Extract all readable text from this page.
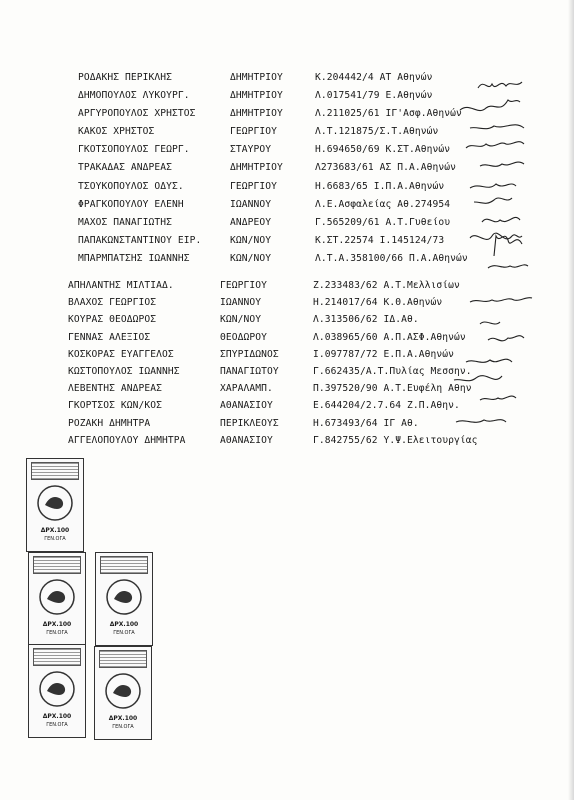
ΡΟΔΑΚΗΣ ΠΕΡΙΚΛΗΣ	ΔΗΜΗΤΡΙΟΥ	Κ.204442/4 ΑΤ Αθηνών
ΔΗΜΟΠΟΥΛΟΣ ΛΥΚΟΥΡΓ.	ΔΗΜΗΤΡΙΟΥ	Λ.017541/79 Ε.Αθηνών
ΑΡΓΥΡΟΠΟΥΛΟΣ ΧΡΗΣΤΟΣ	ΔΗΜΗΤΡΙΟΥ	Λ.211025/61 ΙΓ'Ασφ.Αθηνών
ΚΑΚΟΣ ΧΡΗΣΤΟΣ	ΓΕΩΡΓΙΟΥ	Λ.Τ.121875/Σ.Τ.Αθηνών
ΓΚΟΤΣΟΠΟΥΛΟΣ ΓΕΩΡΓ.	ΣΤΑΥΡΟΥ	Η.694650/69 Κ.ΣΤ.Αθηνών
ΤΡΑΚΑΔΑΣ ΑΝΔΡΕΑΣ	ΔΗΜΗΤΡΙΟΥ	Λ273683/61 ΑΣ Π.Α.Αθηνών
ΤΣΟΥΚΟΠΟΥΛΟΣ ΟΔΥΣ.	ΓΕΩΡΓΙΟΥ	Η.6683/65 Ι.Π.Α.Αθηνών
ΦΡΑΓΚΟΠΟΥΛΟΥ ΕΛΕΝΗ	ΙΩΑΝΝΟΥ	Λ.Ε.Ασφαλείας Αθ.274954
ΜΑΧΟΣ ΠΑΝΑΓΙΩΤΗΣ	ΑΝΔΡΕΟΥ	Γ.565209/61 Α.Τ.Γυθείου
ΠΑΠΑΚΩΝΣΤΑΝΤΙΝΟΥ ΕΙΡ.	ΚΩΝ/ΝΟΥ	Κ.ΣΤ.22574 Ι.145124/73
ΜΠΑΡΜΠΑΤΣΗΣ ΙΩΑΝΝΗΣ	ΚΩΝ/ΝΟΥ	Λ.Τ.Α.358100/66 Π.Α.Αθηνών
ΑΠΗΛΑΝΤΗΣ ΜΙΛΤΙΑΔ.	ΓΕΩΡΓΙΟΥ	Ζ.233483/62 Α.Τ.Μελλισίων
ΒΛΑΧΟΣ ΓΕΩΡΓΙΟΣ	ΙΩΑΝΝΟΥ	Η.214017/64 Κ.Θ.Αθηνών
ΚΟΥΡΑΣ ΘΕΟΔΩΡΟΣ	ΚΩΝ/ΝΟΥ	Λ.313506/62 ΙΔ.Αθ.
ΓΕΝΝΑΣ ΑΛΕΞΙΟΣ	ΘΕΟΔΩΡΟΥ	Λ.038965/60 Α.Π.ΑΣΦ.Αθηνών
ΚΟΣΚΟΡΑΣ ΕΥΑΓΓΕΛΟΣ	ΣΠΥΡΙΔΩΝΟΣ	Ι.097787/72 Ε.Π.Α.Αθηνών
ΚΩΣΤΟΠΟΥΛΟΣ ΙΩΑΝΝΗΣ	ΠΑΝΑΓΙΩΤΟΥ	Γ.662435/Α.Τ.Πυλίας Μεσσην.
ΛΕΒΕΝΤΗΣ ΑΝΔΡΕΑΣ	ΧΑΡΑΛΑΜΠ.	Π.397520/90 Α.Τ.Ευφέλη Αθην
ΓΚΟΡΤΣΟΣ ΚΩΝ/ΚΟΣ	ΑΘΑΝΑΣΙΟΥ	Ε.644204/2.7.64 Ζ.Π.Αθην.
ΡΟΖΑΚΗ ΔΗΜΗΤΡΑ	ΠΕΡΙΚΛΕΟΥΣ	Η.673493/64 ΙΓ Αθ.
ΑΓΓΕΛΟΠΟΥΛΟΥ ΔΗΜΗΤΡΑ	ΑΘΑΝΑΣΙΟΥ	Γ.842755/62 Υ.Ψ.Ελειτουργίας
ΔΡΧ.100
ΓΕΝ.ΟΓΑ
ΔΡΧ.100
ΓΕΝ.ΟΓΑ
ΔΡΧ.100
ΓΕΝ.ΟΓΑ
ΔΡΧ.100
ΓΕΝ.ΟΓΑ
ΔΡΧ.100
ΓΕΝ.ΟΓΑ
